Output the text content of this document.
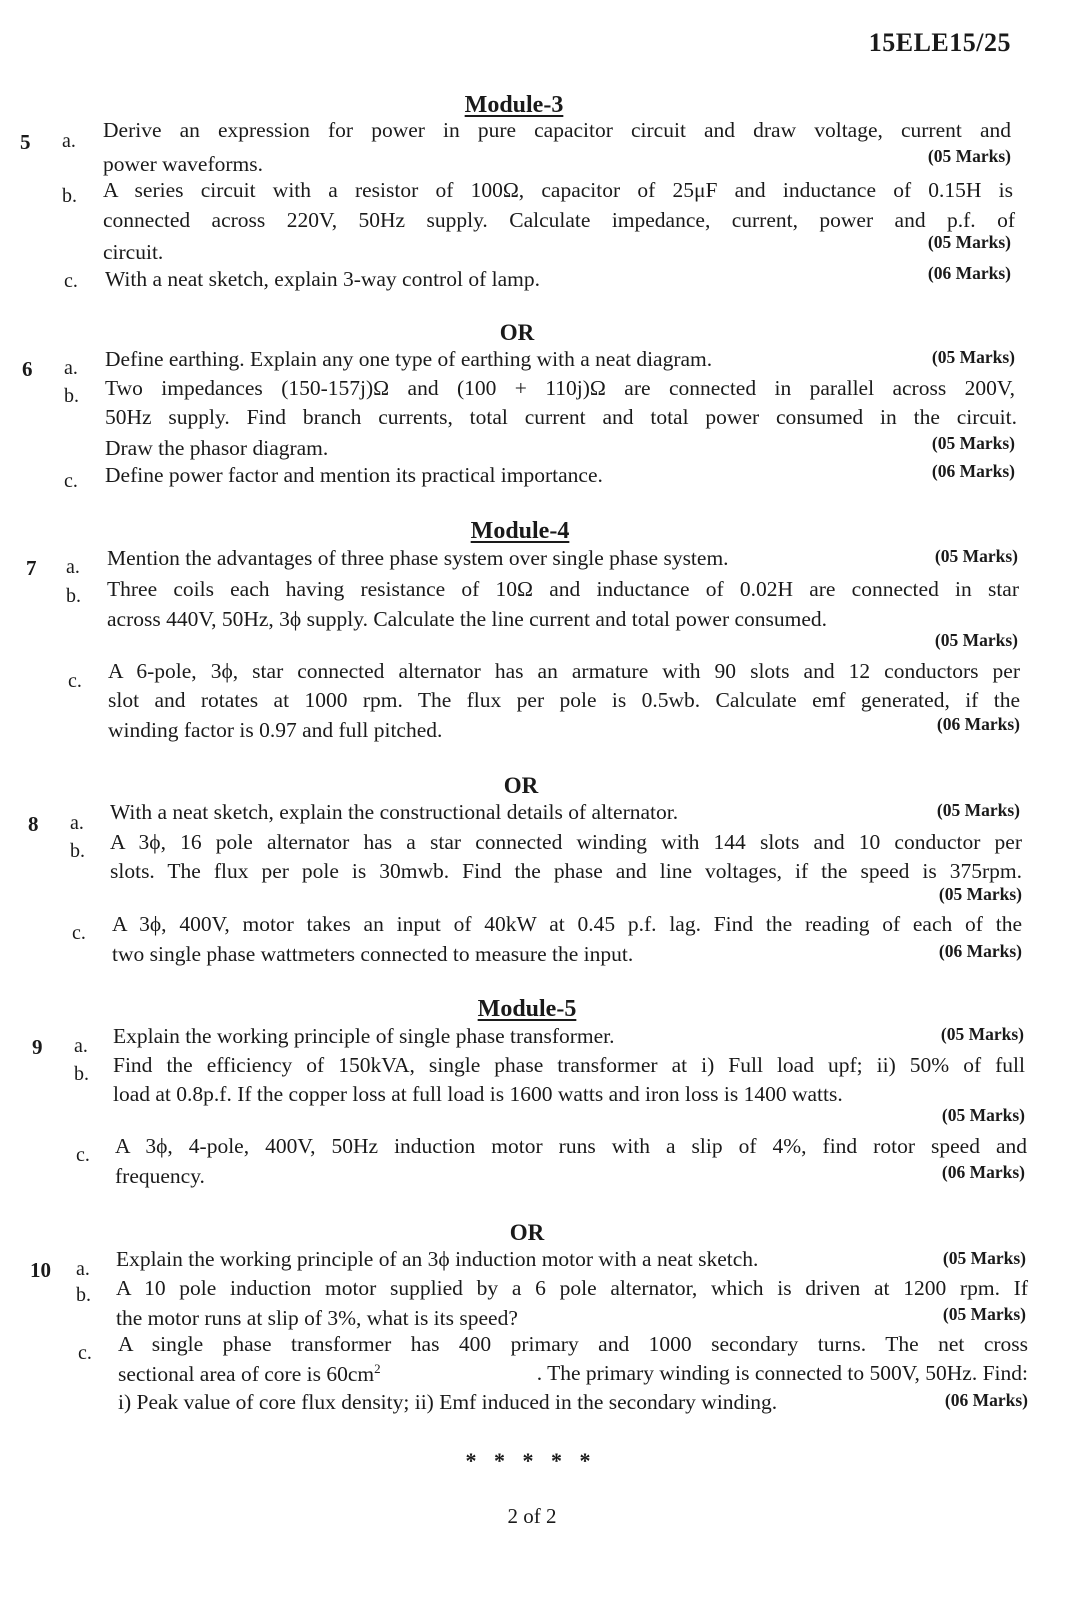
15ELE15/25
Module-3
5 a. Derive an expression for power in pure capacitor circuit and draw voltage, current and
power waveforms.	(05 Marks)
b. A series circuit with a resistor of 100Ω, capacitor of 25μF and inductance of 0.15H is
connected across 220V, 50Hz supply. Calculate impedance, current, power and p.f. of
circuit.	(05 Marks)
c. With a neat sketch, explain 3-way control of lamp.	(06 Marks)
OR
6 a. Define earthing. Explain any one type of earthing with a neat diagram.	(05 Marks)
b. Two impedances (150-157j)Ω and (100 + 110j)Ω are connected in parallel across 200V,
50Hz supply. Find branch currents, total current and total power consumed in the circuit.
Draw the phasor diagram.	(05 Marks)
c. Define power factor and mention its practical importance.	(06 Marks)
Module-4
7 a. Mention the advantages of three phase system over single phase system.	(05 Marks)
b. Three coils each having resistance of 10Ω and inductance of 0.02H are connected in star
across 440V, 50Hz, 3ϕ supply. Calculate the line current and total power consumed.
(05 Marks)
c. A 6-pole, 3ϕ, star connected alternator has an armature with 90 slots and 12 conductors per
slot and rotates at 1000 rpm. The flux per pole is 0.5wb. Calculate emf generated, if the
winding factor is 0.97 and full pitched.	(06 Marks)
OR
8 a. With a neat sketch, explain the constructional details of alternator.	(05 Marks)
b. A 3ϕ, 16 pole alternator has a star connected winding with 144 slots and 10 conductor per
slots. The flux per pole is 30mwb. Find the phase and line voltages, if the speed is 375rpm.
(05 Marks)
c. A 3ϕ, 400V, motor takes an input of 40kW at 0.45 p.f. lag. Find the reading of each of the
two single phase wattmeters connected to measure the input.	(06 Marks)
Module-5
9 a. Explain the working principle of single phase transformer.	(05 Marks)
b. Find the efficiency of 150kVA, single phase transformer at i) Full load upf; ii) 50% of full
load at 0.8p.f. If the copper loss at full load is 1600 watts and iron loss is 1400 watts.
(05 Marks)
c. A 3ϕ, 4-pole, 400V, 50Hz induction motor runs with a slip of 4%, find rotor speed and
frequency.	(06 Marks)
OR
10 a. Explain the working principle of an 3ϕ induction motor with a neat sketch.	(05 Marks)
b. A 10 pole induction motor supplied by a 6 pole alternator, which is driven at 1200 rpm. If
the motor runs at slip of 3%, what is its speed?	(05 Marks)
c. A single phase transformer has 400 primary and 1000 secondary turns. The net cross
sectional area of core is $60cm^2$	. The primary winding is connected to 500V, 50Hz. Find:
i) Peak value of core flux density; ii) Emf induced in the secondary winding.	(06 Marks)
* * * * *
2 of 2
